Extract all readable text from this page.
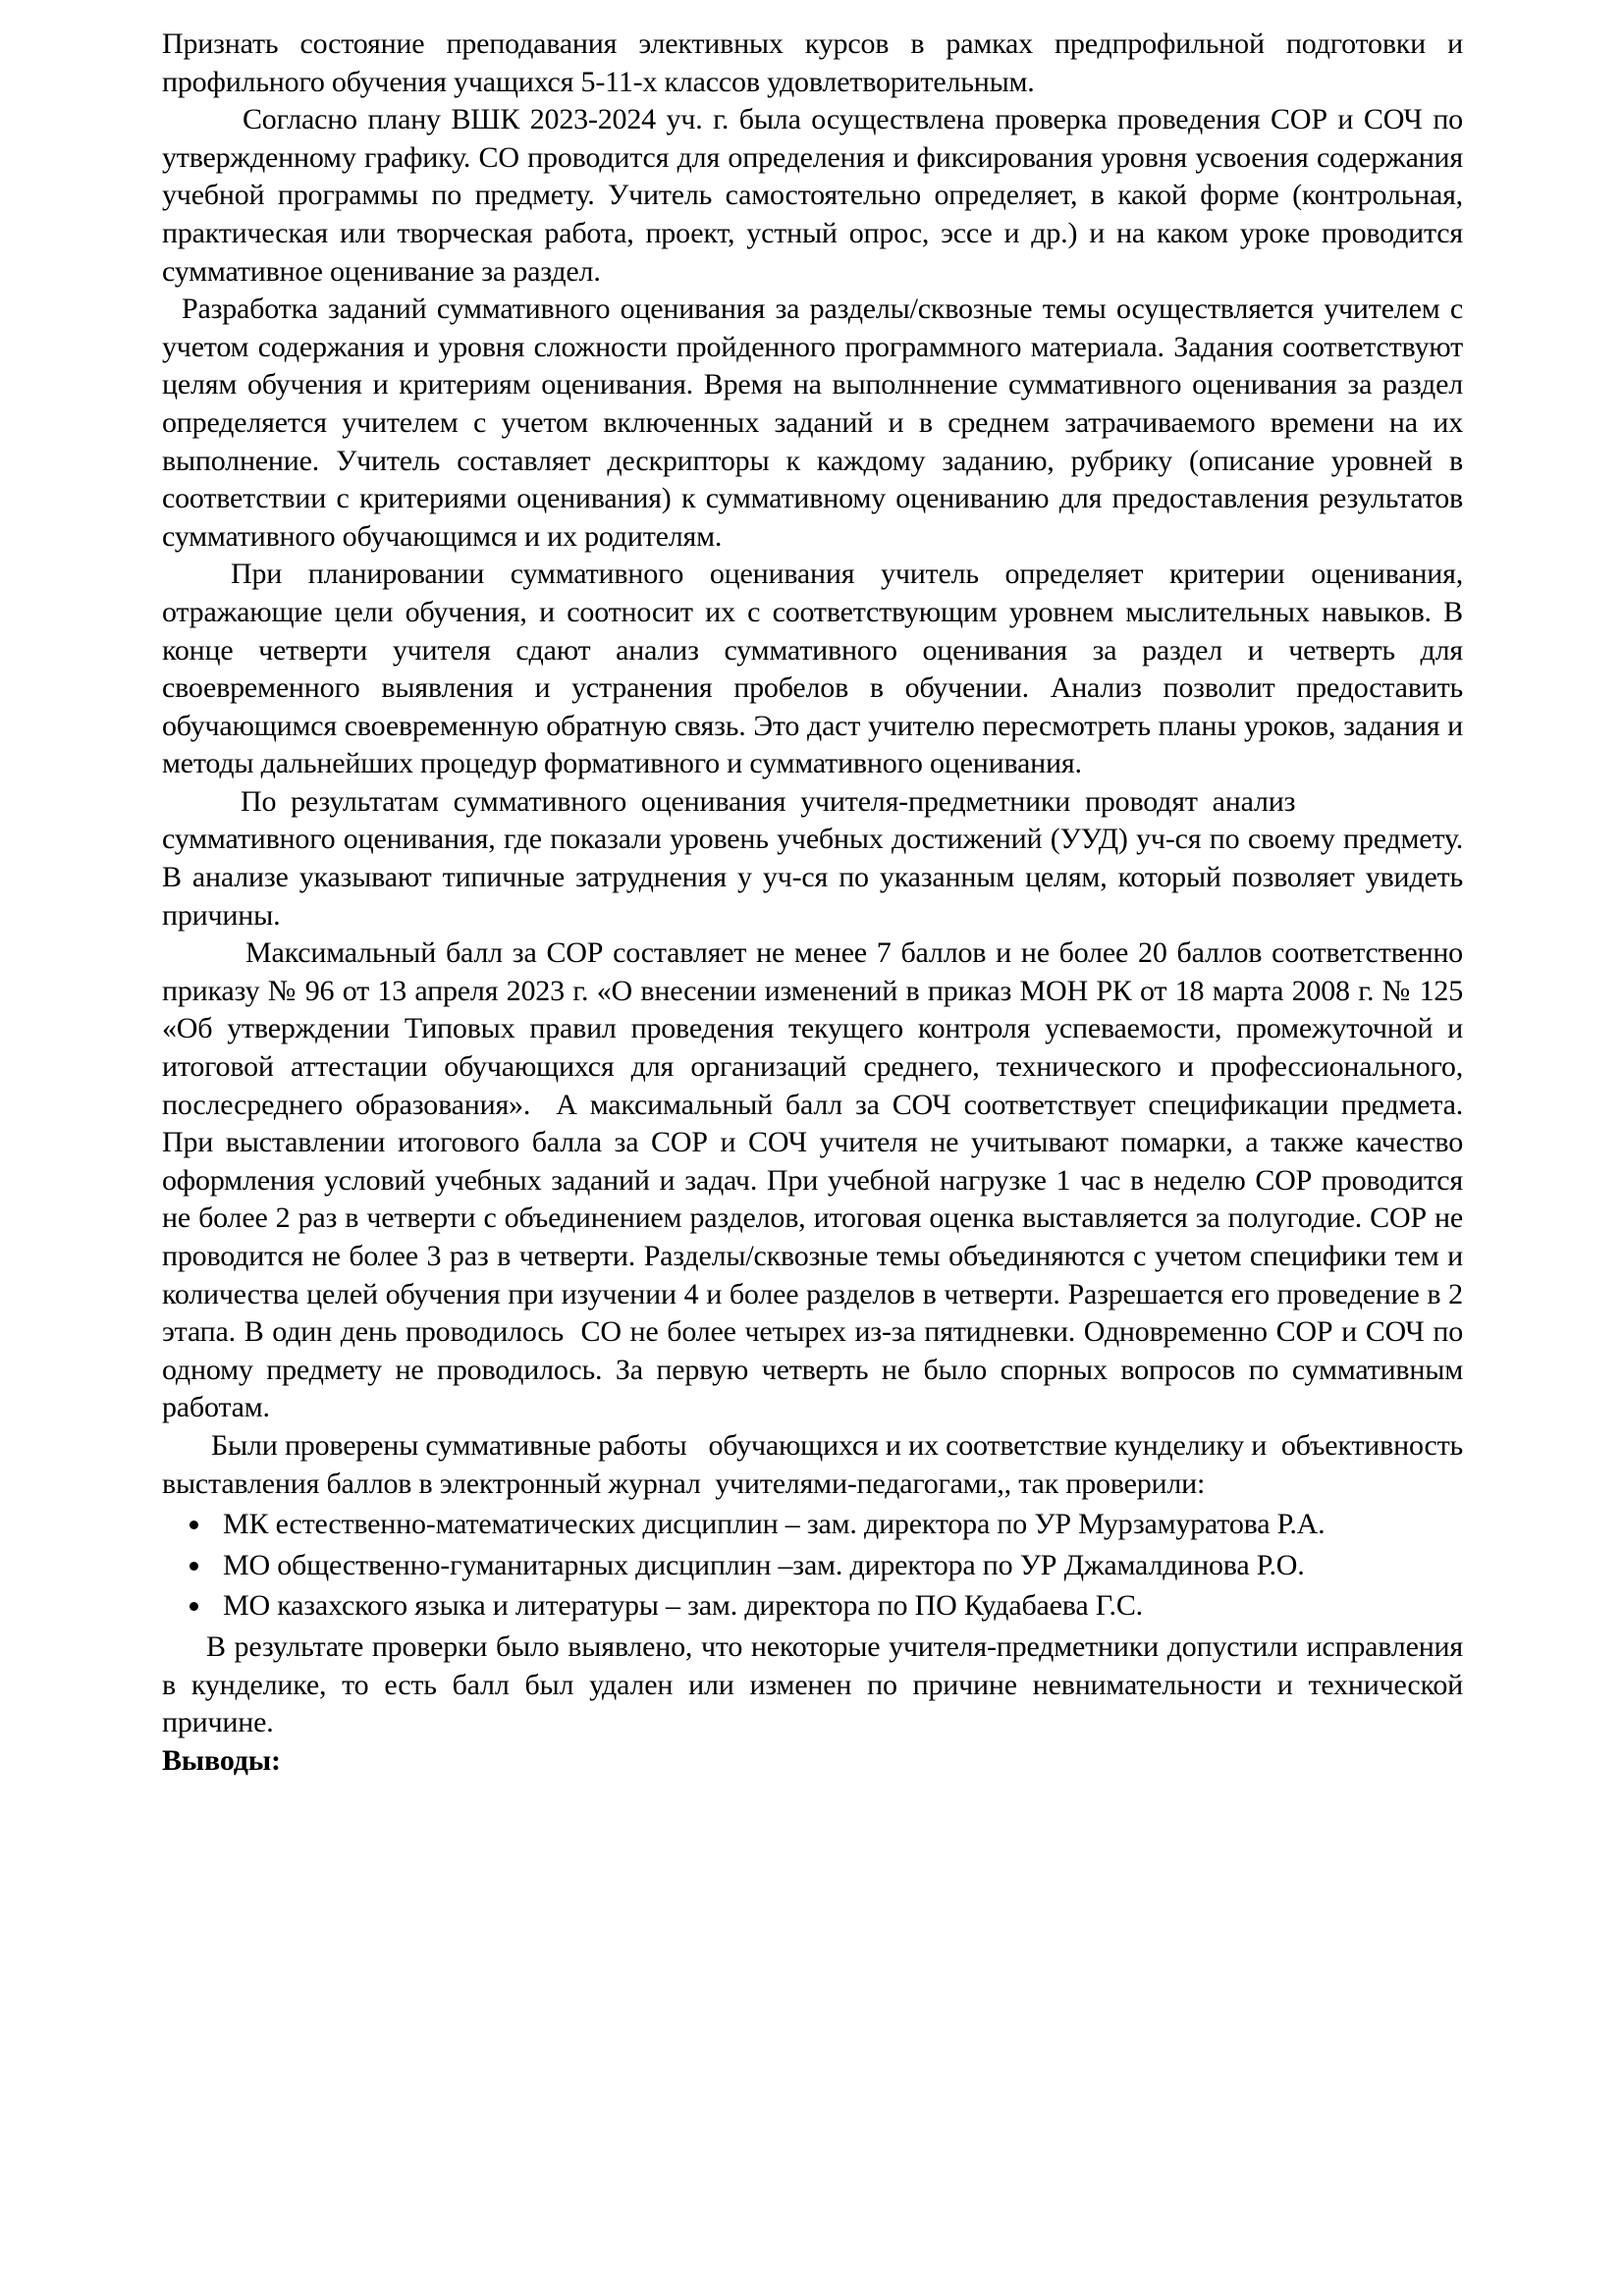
Признать состояние преподавания элективных курсов в рамках предпрофильной подготовки и профильного обучения учащихся 5-11-х классов удовлетворительным.

Согласно плану ВШК 2023-2024 уч. г. была осуществлена проверка проведения СОР и СОЧ по утвержденному графику. СО проводится для определения и фиксирования уровня усвоения содержания учебной программы по предмету. Учитель самостоятельно определяет, в какой форме (контрольная, практическая или творческая работа, проект, устный опрос, эссе и др.) и на каком уроке проводится суммативное оценивание за раздел.

Разработка заданий суммативного оценивания за разделы/сквозные темы осуществляется учителем с учетом содержания и уровня сложности пройденного программного материала. Задания соответствуют целям обучения и критериям оценивания. Время на выполннение суммативного оценивания за раздел определяется учителем с учетом включенных заданий и в среднем затрачиваемого времени на их выполнение. Учитель составляет дескрипторы к каждому заданию, рубрику (описание уровней в соответствии с критериями оценивания) к суммативному оцениванию для предоставления результатов суммативного обучающимся и их родителям.

При планировании суммативного оценивания учитель определяет критерии оценивания, отражающие цели обучения, и соотносит их с соответствующим уровнем мыслительных навыков. В конце четверти учителя сдают анализ суммативного оценивания за раздел и четверть для своевременного выявления и устранения пробелов в обучении. Анализ позволит предоставить обучающимся своевременную обратную связь. Это даст учителю пересмотреть планы уроков, задания и методы дальнейших процедур формативного и суммативного оценивания.

По результатам суммативного оценивания учителя-предметники проводят анализ             суммативного оценивания, где показали уровень учебных достижений (УУД) уч-ся по своему предмету. В анализе указывают типичные затруднения у уч-ся по указанным целям, который позволяет увидеть причины.

Максимальный балл за СОР составляет не менее 7 баллов и не более 20 баллов соответственно приказу № 96 от 13 апреля 2023 г. «О внесении изменений в приказ МОН РК от 18 марта 2008 г. № 125 «Об утверждении Типовых правил проведения текущего контроля успеваемости, промежуточной и итоговой аттестации обучающихся для организаций среднего, технического и профессионального, послесреднего образования».  А максимальный балл за СОЧ соответствует спецификации предмета. При выставлении итогового балла за СОР и СОЧ учителя не учитывают помарки, а также качество оформления условий учебных заданий и задач. При учебной нагрузке 1 час в неделю СОР проводится не более 2 раз в четверти с объединением разделов, итоговая оценка выставляется за полугодие. СОР не проводится не более 3 раз в четверти. Разделы/сквозные темы объединяются с учетом специфики тем и количества целей обучения при изучении 4 и более разделов в четверти. Разрешается его проведение в 2 этапа. В один день проводилось  СО не более четырех из-за пятидневки. Одновременно СОР и СОЧ по одному предмету не проводилось. За первую четверть не было спорных вопросов по суммативным работам.

Были проверены суммативные работы   обучающихся и их соответствие кунделику и  объективность выставления баллов в электронный журнал  учителями-педагогами,, так проверили:

• МК естественно-математических дисциплин – зам. директора по УР Мурзамуратова Р.А.
• МО общественно-гуманитарных дисциплин –зам. директора по УР Джамалдинова Р.О.
• МО казахского языка и литературы – зам. директора по ПО Кудабаева Г.С.

В результате проверки было выявлено, что некоторые учителя-предметники допустили исправления в кунделике, то есть балл был удален или изменен по причине невнимательности и технической причине.

Выводы:
